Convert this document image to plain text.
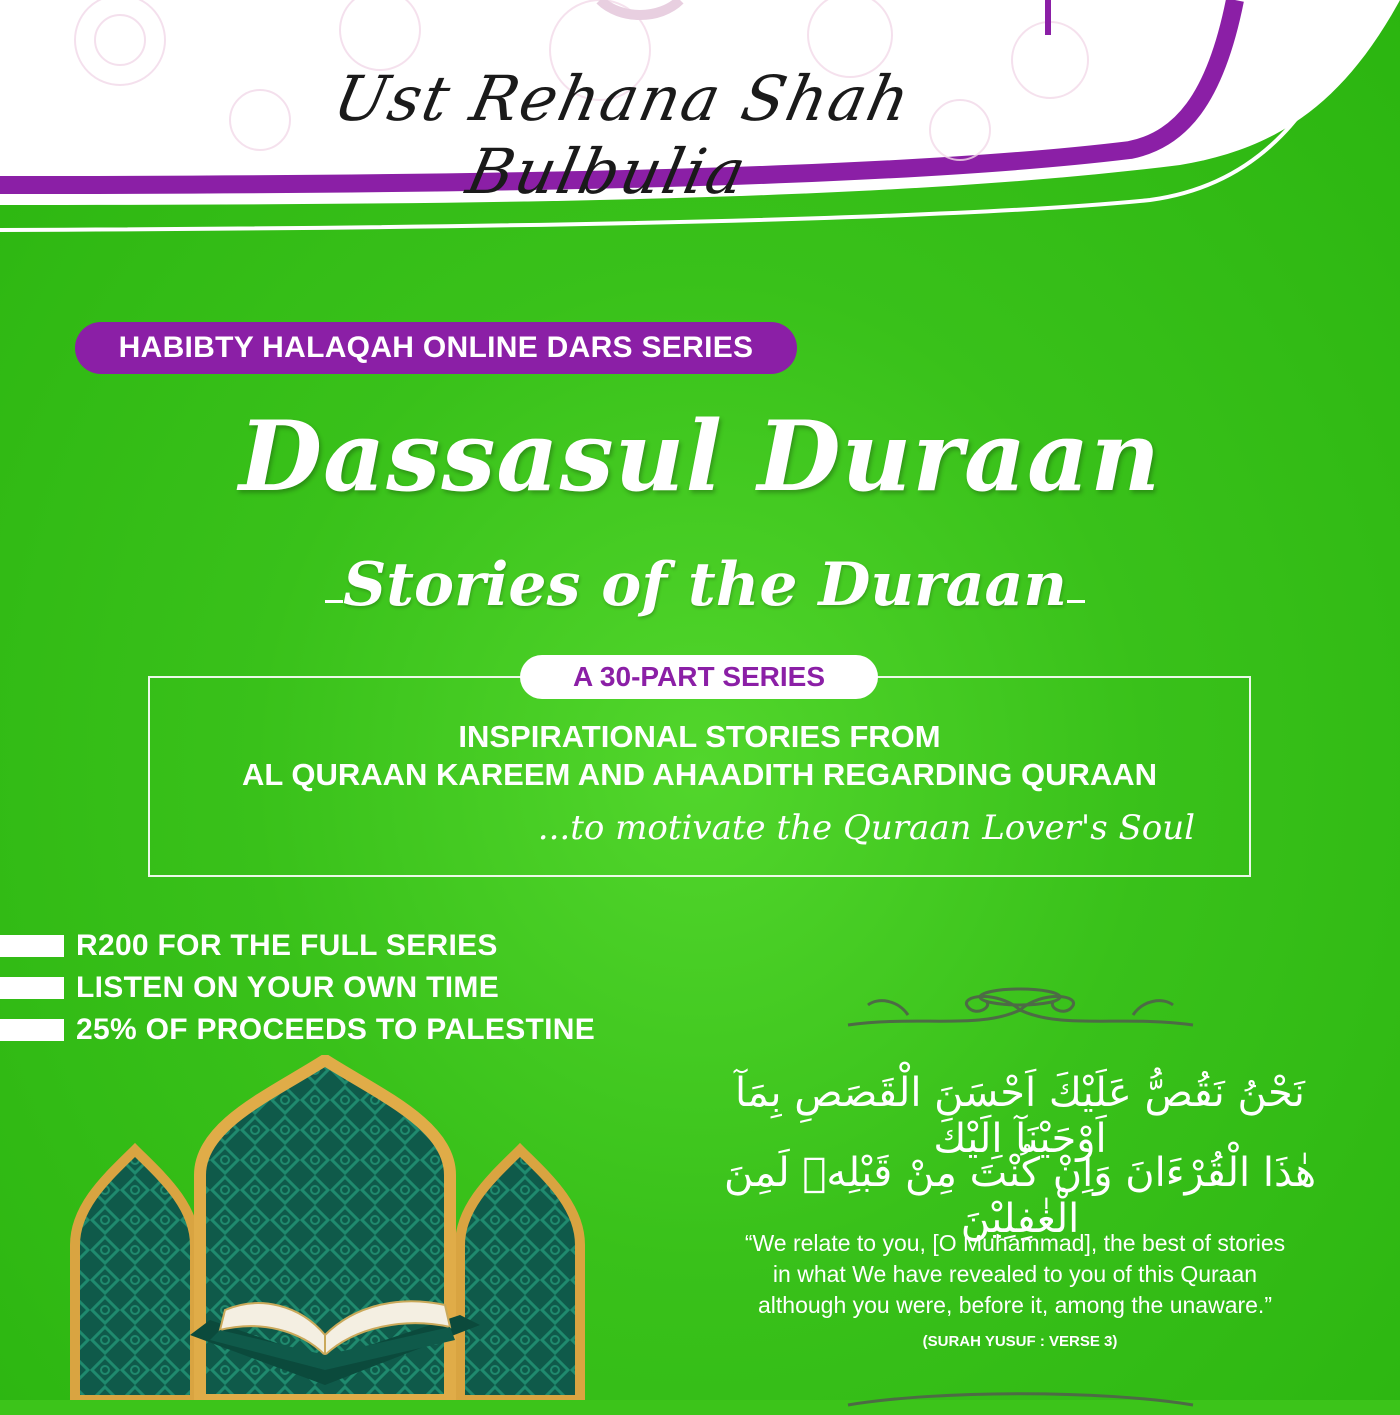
Ust Rehana Shah Bulbulia
HABIBTY HALAQAH ONLINE DARS SERIES
Dassasul Duraan
Stories of the Duraan
A 30-PART SERIES
INSPIRATIONAL STORIES FROM
AL QURAAN KAREEM AND AHAADITH REGARDING QURAAN
...to motivate the Quraan Lover's Soul
R200 FOR THE FULL SERIES
LISTEN ON YOUR OWN TIME
25% OF PROCEEDS TO PALESTINE
نَحْنُ نَقُصُّ عَلَيْكَ اَحْسَنَ الْقَصَصِ بِمَآ اَوْحَيْنَآ اِلَيْكَ
هٰذَا الْقُرْءَانَ وَاِنْ كُنْتَ مِنْ قَبْلِهٖ لَمِنَ الْغٰفِلِيْنَ
“We relate to you, [O Muhammad], the best of stories
in what We have revealed to you of this Quraan
although you were, before it, among the unaware.”
(SURAH YUSUF : VERSE 3)
